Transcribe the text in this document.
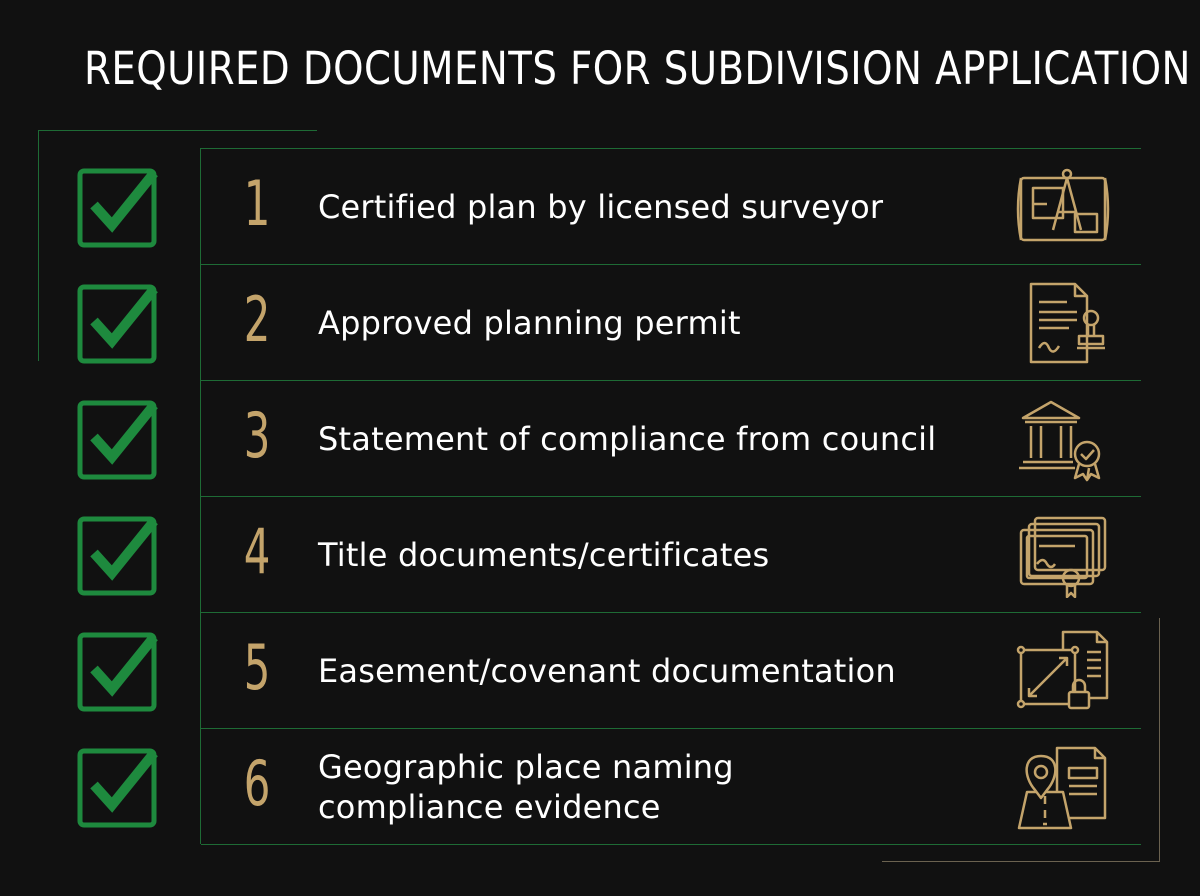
REQUIRED DOCUMENTS FOR SUBDIVISION APPLICATION
1 Certified plan by licensed surveyor
2 Approved planning permit
3 Statement of compliance from council
4 Title documents/certificates
5 Easement/covenant documentation
6 Geographic place naming
compliance evidence
